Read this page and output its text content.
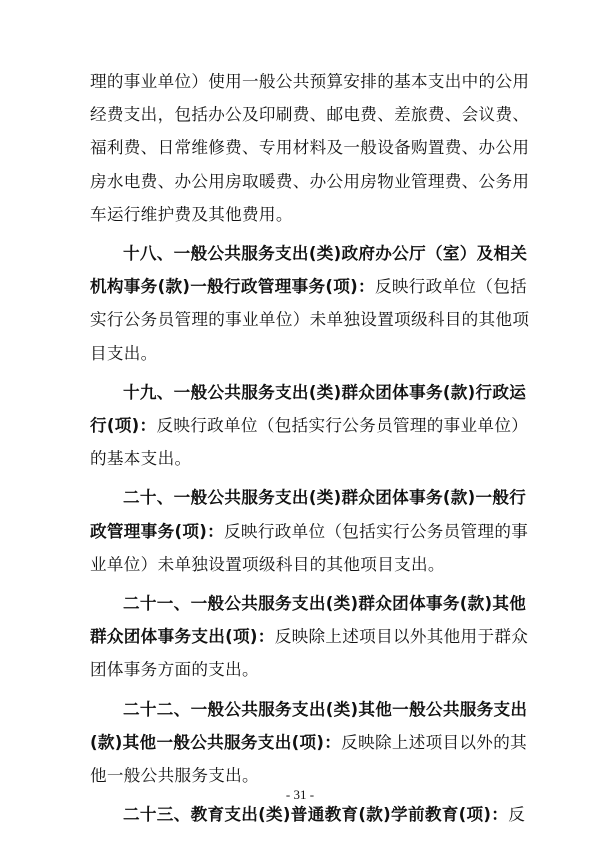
理的事业单位）使用一般公共预算安排的基本支出中的公用
经费支出，包括办公及印刷费、邮电费、差旅费、会议费、
福利费、日常维修费、专用材料及一般设备购置费、办公用
房水电费、办公用房取暖费、办公用房物业管理费、公务用
车运行维护费及其他费用。

十八、一般公共服务支出(类)政府办公厅（室）及相关
机构事务(款)一般行政管理事务(项)：反映行政单位（包括
实行公务员管理的事业单位）未单独设置项级科目的其他项
目支出。

十九、一般公共服务支出(类)群众团体事务(款)行政运
行(项)：反映行政单位（包括实行公务员管理的事业单位）
的基本支出。

二十、一般公共服务支出(类)群众团体事务(款)一般行
政管理事务(项)：反映行政单位（包括实行公务员管理的事
业单位）未单独设置项级科目的其他项目支出。

二十一、一般公共服务支出(类)群众团体事务(款)其他
群众团体事务支出(项)：反映除上述项目以外其他用于群众
团体事务方面的支出。

二十二、一般公共服务支出(类)其他一般公共服务支出
(款)其他一般公共服务支出(项)：反映除上述项目以外的其
他一般公共服务支出。

二十三、教育支出(类)普通教育(款)学前教育(项)：反

- 31 -
